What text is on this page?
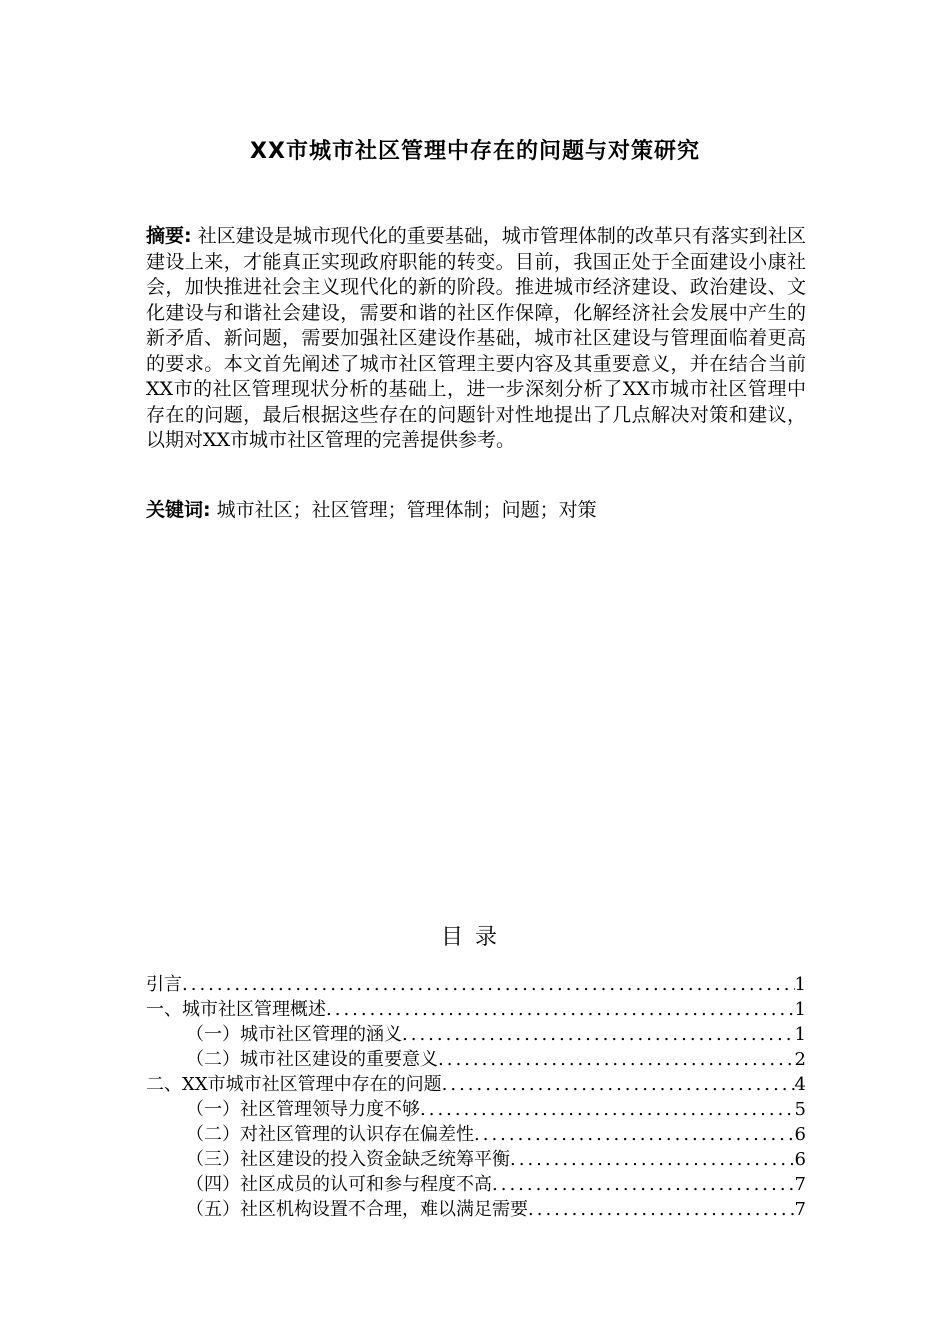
XX市城市社区管理中存在的问题与对策研究
摘要: 社区建设是城市现代化的重要基础，城市管理体制的改革只有落实到社区建设上来，才能真正实现政府职能的转变。目前，我国正处于全面建设小康社会，加快推进社会主义现代化的新的阶段。推进城市经济建设、政治建设、文化建设与和谐社会建设，需要和谐的社区作保障，化解经济社会发展中产生的新矛盾、新问题，需要加强社区建设作基础，城市社区建设与管理面临着更高的要求。本文首先阐述了城市社区管理主要内容及其重要意义，并在结合当前XX市的社区管理现状分析的基础上，进一步深刻分析了XX市城市社区管理中存在的问题，最后根据这些存在的问题针对性地提出了几点解决对策和建议，以期对XX市城市社区管理的完善提供参考。
关键词: 城市社区；社区管理；管理体制；问题；对策
目录
引言 .....	1
一、城市社区管理概述 .....	1
（一）城市社区管理的涵义 .....	1
（二）城市社区建设的重要意义 .....	2
二、XX市城市社区管理中存在的问题 .....	4
（一）社区管理领导力度不够 .....	5
（二）对社区管理的认识存在偏差性 .....	6
（三）社区建设的投入资金缺乏统筹平衡 .....	6
（四）社区成员的认可和参与程度不高 .....	7
（五）社区机构设置不合理，难以满足需要 .....	7
